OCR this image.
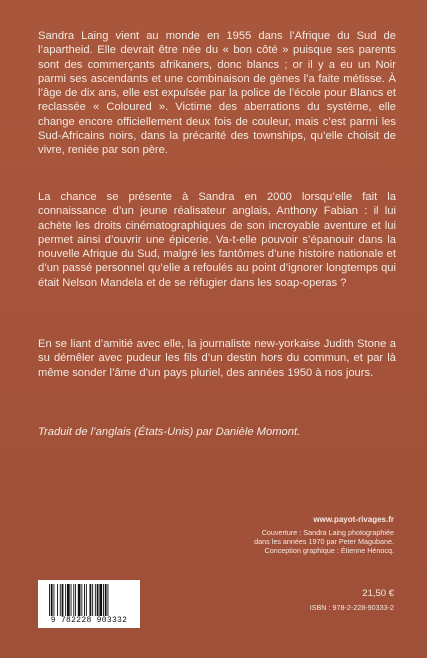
Sandra Laing vient au monde en 1955 dans l’Afrique du Sud de l’apartheid. Elle devrait être née du « bon côté » puisque ses parents sont des commerçants afrikaners, donc blancs ; or il y a eu un Noir parmi ses ascendants et une combinaison de gènes l’a faite métisse. À l’âge de dix ans, elle est expulsée par la police de l’école pour Blancs et reclassée « Coloured ». Victime des aberrations du système, elle change encore officiellement deux fois de couleur, mais c’est parmi les Sud-Africains noirs, dans la précarité des townships, qu’elle choisit de vivre, reniée par son père.

La chance se présente à Sandra en 2000 lorsqu’elle fait la connaissance d’un jeune réalisateur anglais, Anthony Fabian : il lui achète les droits cinématographiques de son incroyable aventure et lui permet ainsi d’ouvrir une épicerie. Va-t-elle pouvoir s’épanouir dans la nouvelle Afrique du Sud, malgré les fantômes d’une histoire nationale et d’un passé personnel qu’elle a refoulés au point d’ignorer longtemps qui était Nelson Mandela et de se réfugier dans les soap-operas ?

En se liant d’amitié avec elle, la journaliste new-yorkaise Judith Stone a su démêler avec pudeur les fils d’un destin hors du commun, et par là même sonder l’âme d’un pays pluriel, des années 1950 à nos jours.

Traduit de l’anglais (États-Unis) par Danièle Momont.

www.payot-rivages.fr
Couverture : Sandra Laing photographiée
dans les années 1970 par Peter Magubane.
Conception graphique : Étienne Hénocq.
9 782228 903332
21,50 €
ISBN : 978-2-228-90333-2
